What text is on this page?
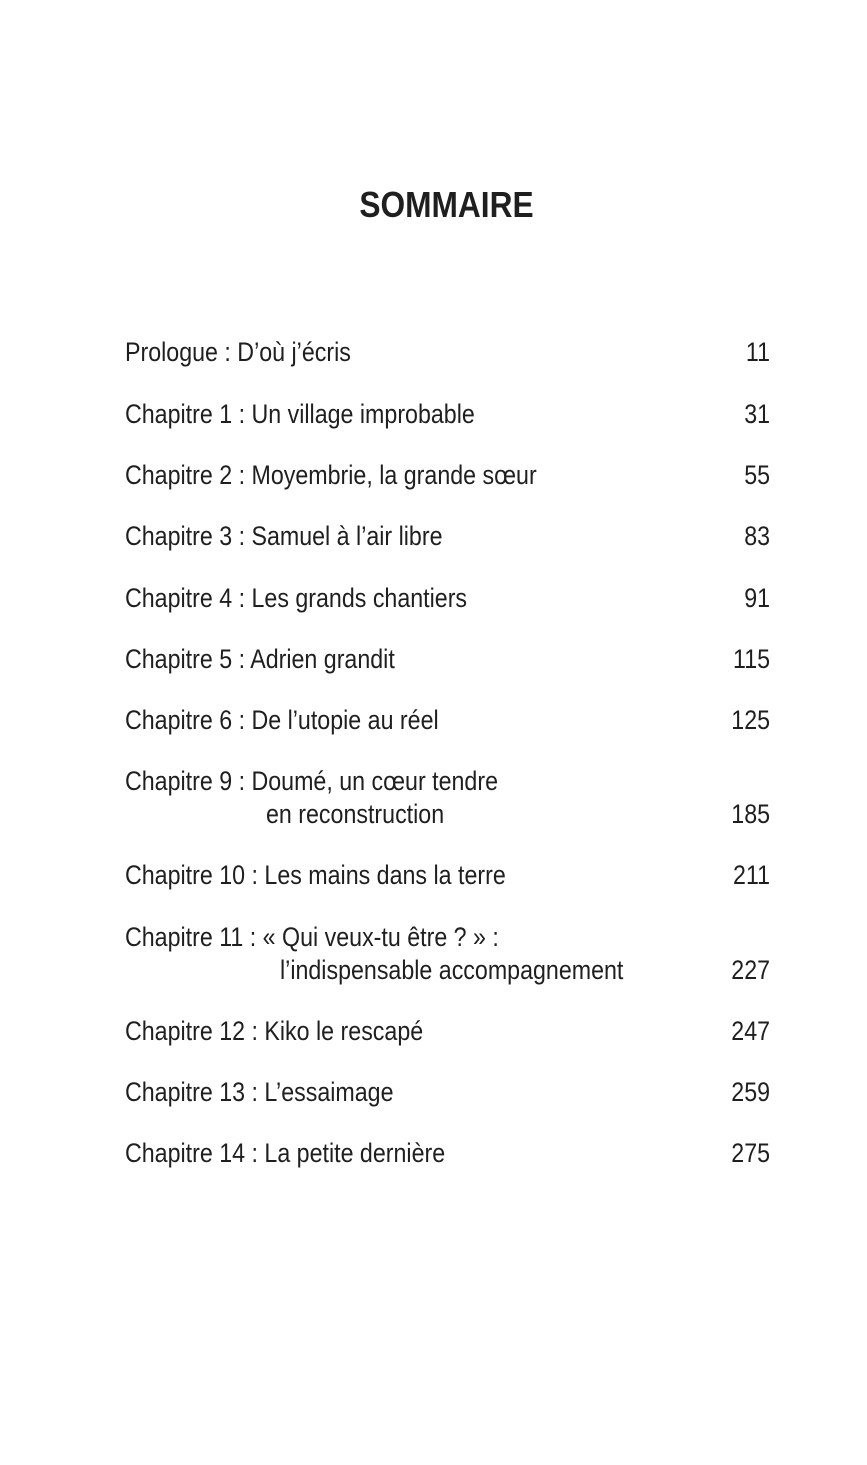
SOMMAIRE
Prologue : D’où j’écris	11
Chapitre 1 : Un village improbable	31
Chapitre 2 : Moyembrie, la grande sœur	55
Chapitre 3 : Samuel à l’air libre	83
Chapitre 4 : Les grands chantiers	91
Chapitre 5 : Adrien grandit	115
Chapitre 6 : De l’utopie au réel	125
Chapitre 9 : Doumé, un cœur tendre
en reconstruction	185
Chapitre 10 : Les mains dans la terre	211
Chapitre 11 : « Qui veux-tu être ? » :
l’indispensable accompagnement	227
Chapitre 12 : Kiko le rescapé	247
Chapitre 13 : L’essaimage	259
Chapitre 14 : La petite dernière	275
